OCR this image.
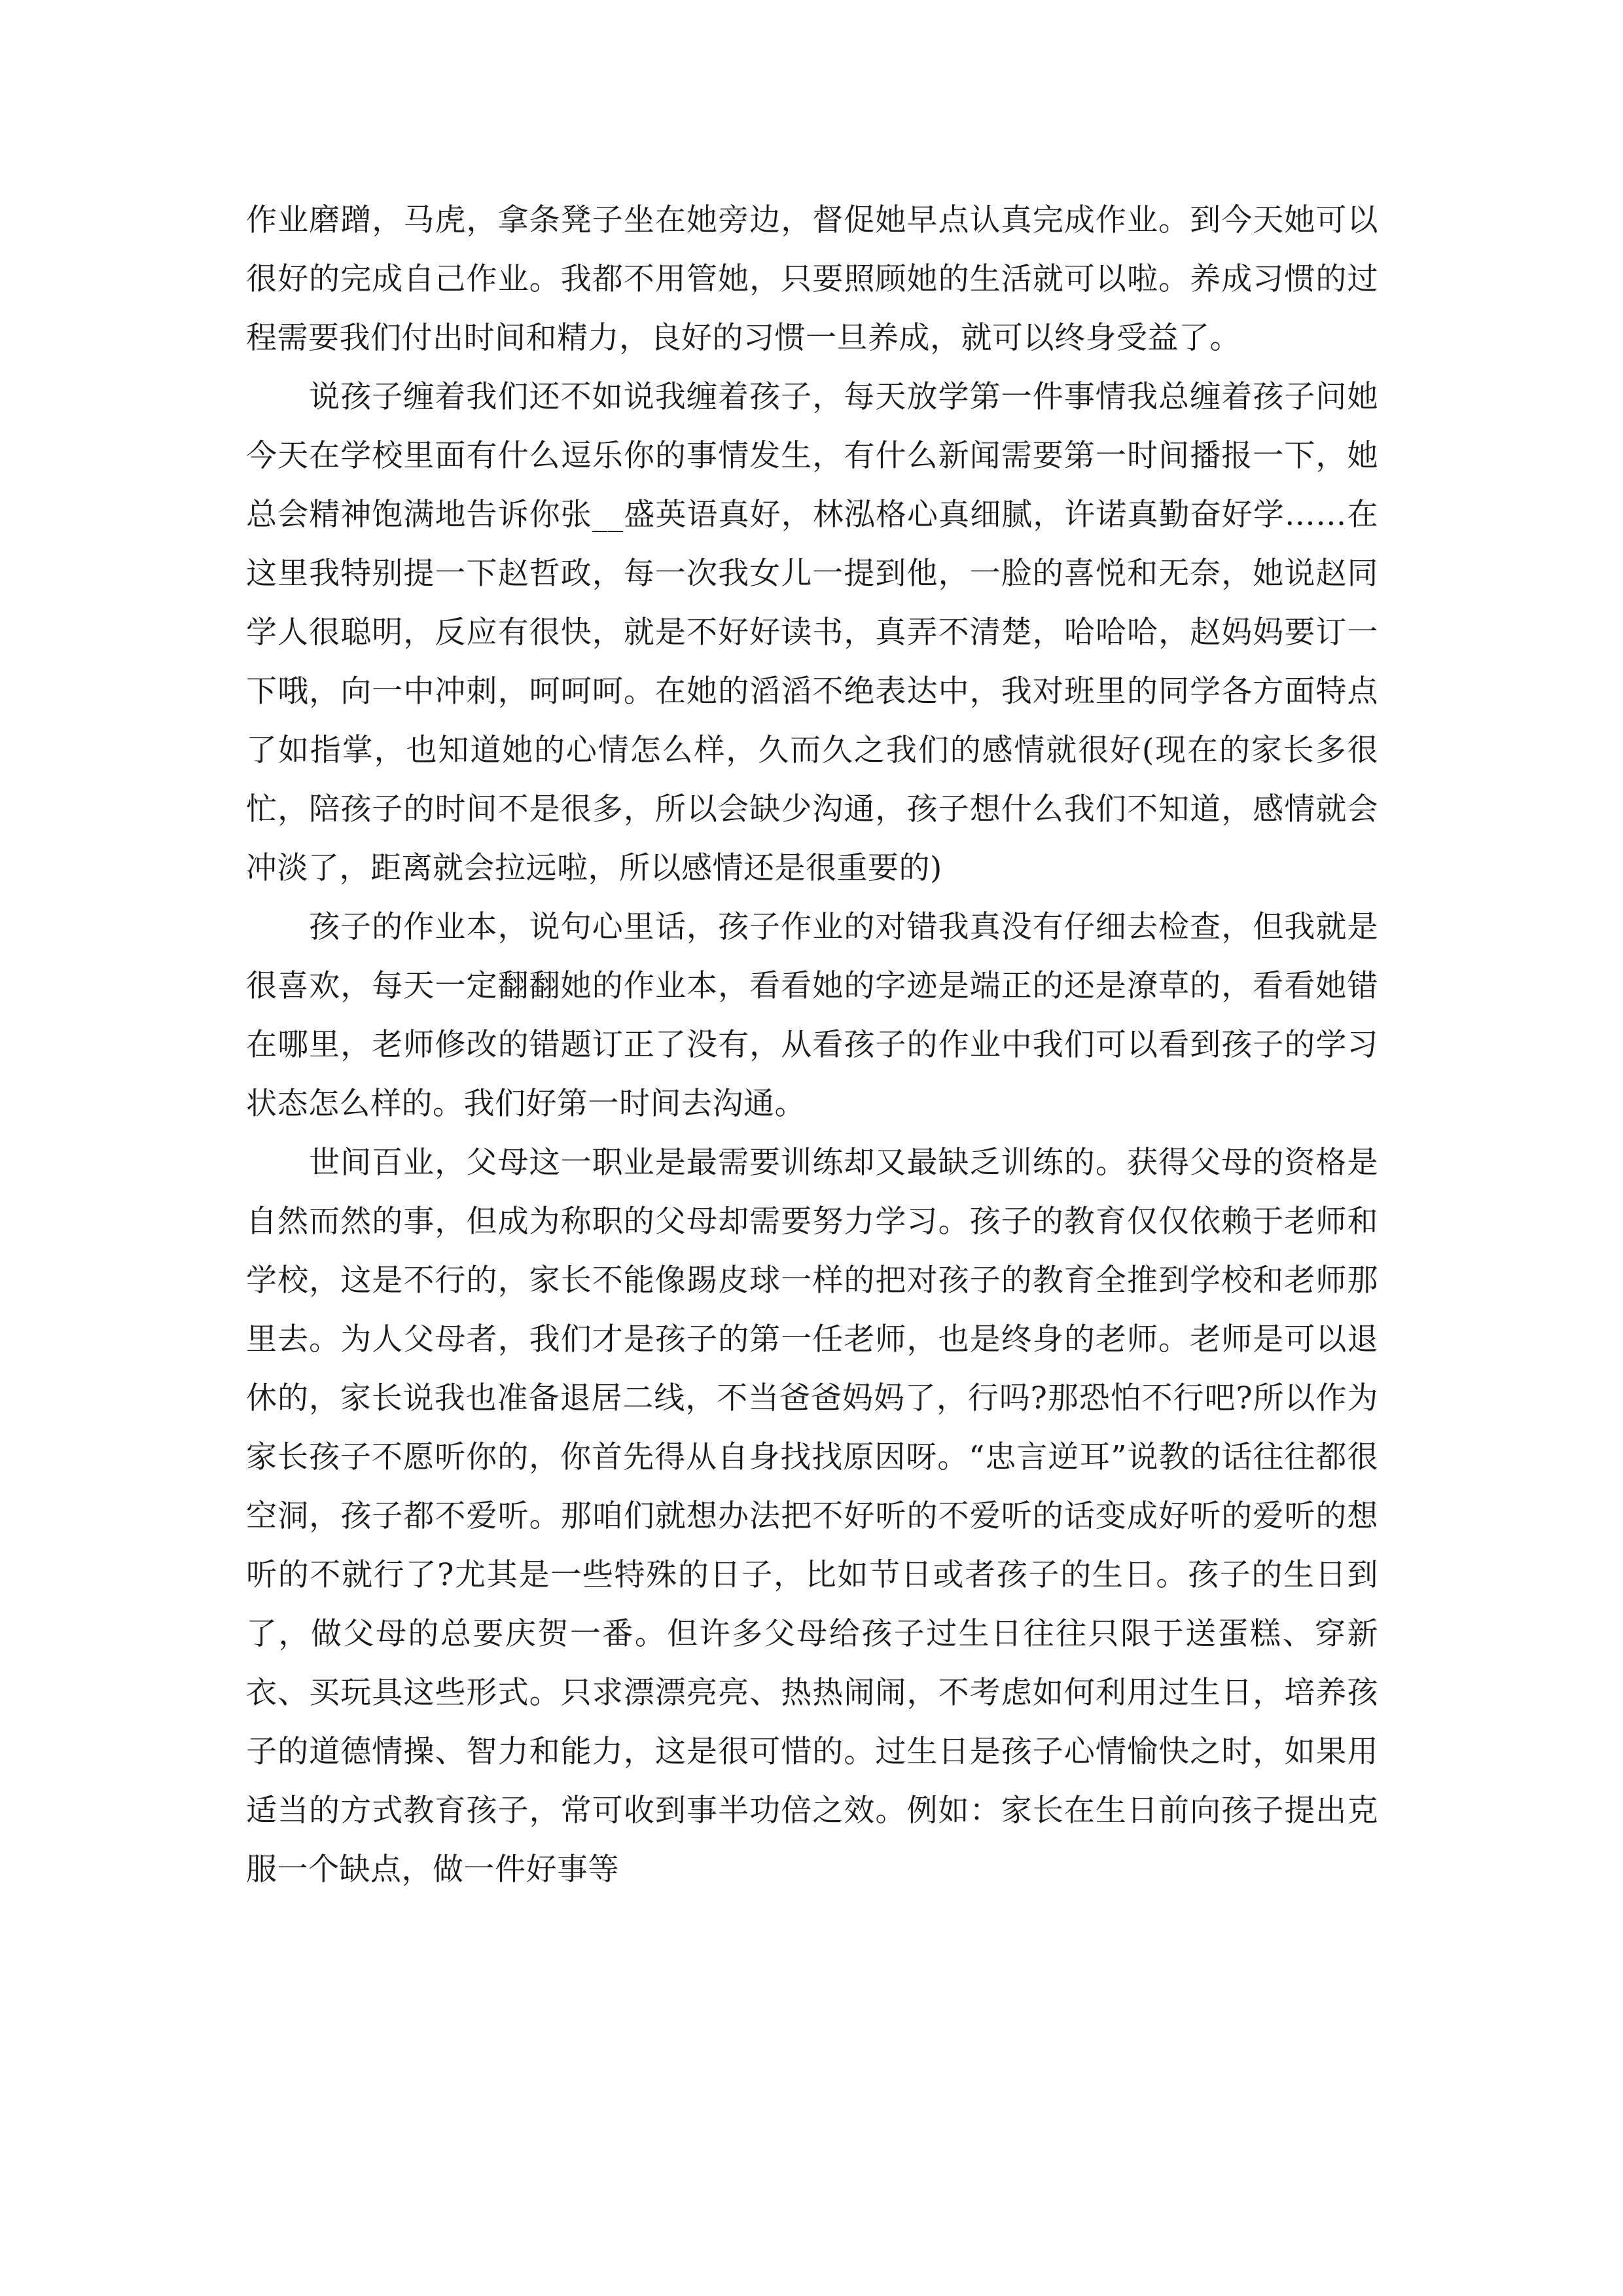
作业磨蹭，马虎，拿条凳子坐在她旁边，督促她早点认真完成作业。到今天她可以很好的完成自己作业。我都不用管她，只要照顾她的生活就可以啦。养成习惯的过程需要我们付出时间和精力，良好的习惯一旦养成，就可以终身受益了。

说孩子缠着我们还不如说我缠着孩子，每天放学第一件事情我总缠着孩子问她今天在学校里面有什么逗乐你的事情发生，有什么新闻需要第一时间播报一下，她总会精神饱满地告诉你张__盛英语真好，林泓格心真细腻，许诺真勤奋好学……在这里我特别提一下赵哲政，每一次我女儿一提到他，一脸的喜悦和无奈，她说赵同学人很聪明，反应有很快，就是不好好读书，真弄不清楚，哈哈哈，赵妈妈要订一下哦，向一中冲刺，呵呵呵。在她的滔滔不绝表达中，我对班里的同学各方面特点了如指掌，也知道她的心情怎么样，久而久之我们的感情就很好(现在的家长多很忙，陪孩子的时间不是很多，所以会缺少沟通，孩子想什么我们不知道，感情就会冲淡了，距离就会拉远啦，所以感情还是很重要的)

孩子的作业本，说句心里话，孩子作业的对错我真没有仔细去检查，但我就是很喜欢，每天一定翻翻她的作业本，看看她的字迹是端正的还是潦草的，看看她错在哪里，老师修改的错题订正了没有，从看孩子的作业中我们可以看到孩子的学习状态怎么样的。我们好第一时间去沟通。

世间百业，父母这一职业是最需要训练却又最缺乏训练的。获得父母的资格是自然而然的事，但成为称职的父母却需要努力学习。孩子的教育仅仅依赖于老师和学校，这是不行的，家长不能像踢皮球一样的把对孩子的教育全推到学校和老师那里去。为人父母者，我们才是孩子的第一任老师，也是终身的老师。老师是可以退休的，家长说我也准备退居二线，不当爸爸妈妈了，行吗?那恐怕不行吧?所以作为家长孩子不愿听你的，你首先得从自身找找原因呀。“忠言逆耳”说教的话往往都很空洞，孩子都不爱听。那咱们就想办法把不好听的不爱听的话变成好听的爱听的想听的不就行了?尤其是一些特殊的日子，比如节日或者孩子的生日。孩子的生日到了，做父母的总要庆贺一番。但许多父母给孩子过生日往往只限于送蛋糕、穿新衣、买玩具这些形式。只求漂漂亮亮、热热闹闹，不考虑如何利用过生日，培养孩子的道德情操、智力和能力，这是很可惜的。过生日是孩子心情愉快之时，如果用适当的方式教育孩子，常可收到事半功倍之效。例如：家长在生日前向孩子提出克服一个缺点，做一件好事等
